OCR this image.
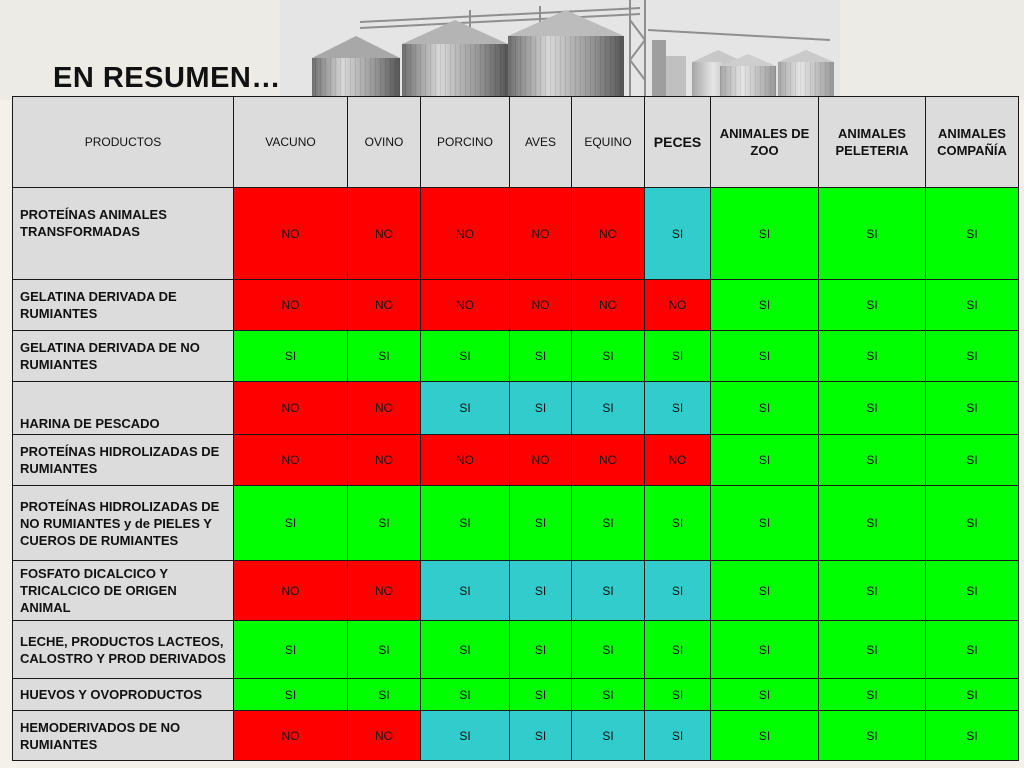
EN RESUMEN…
PRODUCTOS	VACUNO	OVINO	PORCINO	AVES	EQUINO	PECES	ANIMALES DE ZOO	ANIMALES PELETERIA	ANIMALES COMPAÑÍA
PROTEÍNAS ANIMALES TRANSFORMADAS	NO	NO	NO	NO	NO	SI	SI	SI	SI
GELATINA DERIVADA DE RUMIANTES	NO	NO	NO	NO	NO	NO	SI	SI	SI
GELATINA DERIVADA DE NO RUMIANTES	SI	SI	SI	SI	SI	SI	SI	SI	SI
HARINA DE PESCADO	NO	NO	SI	SI	SI	SI	SI	SI	SI
PROTEÍNAS HIDROLIZADAS DE RUMIANTES	NO	NO	NO	NO	NO	NO	SI	SI	SI
PROTEÍNAS HIDROLIZADAS DE NO RUMIANTES y de PIELES Y CUEROS DE RUMIANTES	SI	SI	SI	SI	SI	SI	SI	SI	SI
FOSFATO DICALCICO Y TRICALCICO DE ORIGEN ANIMAL	NO	NO	SI	SI	SI	SI	SI	SI	SI
LECHE, PRODUCTOS LACTEOS, CALOSTRO Y PROD DERIVADOS	SI	SI	SI	SI	SI	SI	SI	SI	SI
HUEVOS Y OVOPRODUCTOS	SI	SI	SI	SI	SI	SI	SI	SI	SI
HEMODERIVADOS DE NO RUMIANTES	NO	NO	SI	SI	SI	SI	SI	SI	SI
